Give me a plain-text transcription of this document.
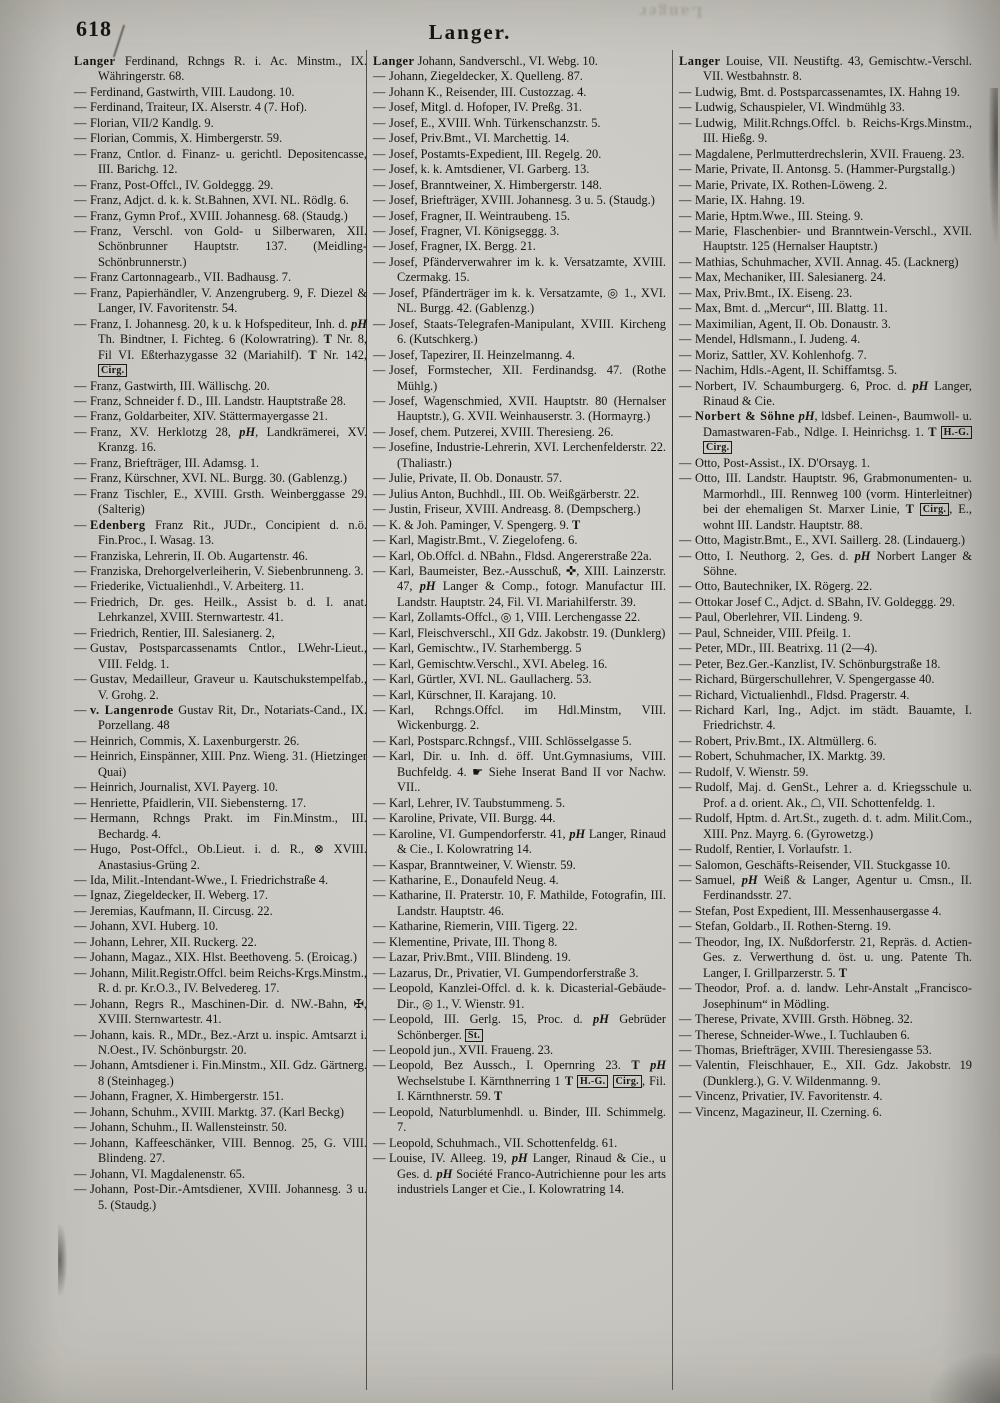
Langer
618	Langer.
Langer Ferdinand, Rchngs R. i. Ac. Minstm., IX. Währingerstr. 68.
— Ferdinand, Gastwirth, VIII. Laudong. 10.
— Ferdinand, Traiteur, IX. Alserstr. 4 (7. Hof).
— Florian, VII/2 Kandlg. 9.
— Florian, Commis, X. Himbergerstr. 59.
— Franz, Cntlor. d. Finanz- u. gerichtl. Depositencasse, III. Barichg. 12.
— Franz, Post-Offcl., IV. Goldeggg. 29.
— Franz, Adjct. d. k. k. St.Bahnen, XVI. NL. Rödlg. 6.
— Franz, Gymn Prof., XVIII. Johannesg. 68. (Staudg.)
— Franz, Verschl. von Gold- u Silberwaren, XII. Schönbrunner Hauptstr. 137. (Meidling-Schönbrunnerstr.)
— Franz Cartonnagearb., VII. Badhausg. 7.
— Franz, Papierhändler, V. Anzengruberg. 9, F. Diezel & Langer, IV. Favoritenstr. 54.
— Franz, I. Johannesg. 20, k u. k Hofspediteur, Inh. d. pH Th. Bindtner, I. Fichteg. 6 (Kolowratring). T Nr. 8, Fil VI. Eßterhazygasse 32 (Mariahilf). T Nr. 142, Cirg.
— Franz, Gastwirth, III. Wällischg. 20.
— Franz, Schneider f. D., III. Landstr. Hauptstraße 28.
— Franz, Goldarbeiter, XIV. Stättermayergasse 21.
— Franz, XV. Herklotzg 28, pH, Landkrämerei, XV. Kranzg. 16.
— Franz, Briefträger, III. Adamsg. 1.
— Franz, Kürschner, XVI. NL. Burgg. 30. (Gablenzg.)
— Franz Tischler, E., XVIII. Grsth. Weinberggasse 29. (Salterig)
— Edenberg Franz Rit., JUDr., Concipient d. n.ö. Fin.Proc., I. Wasag. 13.
— Franziska, Lehrerin, II. Ob. Augartenstr. 46.
— Franziska, Drehorgelverleiherin, V. Siebenbrunneng. 3.
— Friederike, Victualienhdl., V. Arbeiterg. 11.
— Friedrich, Dr. ges. Heilk., Assist b. d. I. anat. Lehrkanzel, XVIII. Sternwartestr. 41.
— Friedrich, Rentier, III. Salesianerg. 2,
— Gustav, Postsparcassenamts Cntlor., LWehr-Lieut., VIII. Feldg. 1.
— Gustav, Medailleur, Graveur u. Kautschukstempelfab., V. Grohg. 2.
— v. Langenrode Gustav Rit, Dr., Notariats-Cand., IX. Porzellang. 48
— Heinrich, Commis, X. Laxenburgerstr. 26.
— Heinrich, Einspänner, XIII. Pnz. Wieng. 31. (Hietzinger Quai)
— Heinrich, Journalist, XVI. Payerg. 10.
— Henriette, Pfaidlerin, VII. Siebensterng. 17.
— Hermann, Rchngs Prakt. im Fin.Minstm., III. Bechardg. 4.
— Hugo, Post-Offcl., Ob.Lieut. i. d. R., ⊗ XVIII. Anastasius-Grüng 2.
— Ida, Milit.-Intendant-Wwe., I. Friedrichstraße 4.
— Ignaz, Ziegeldecker, II. Weberg. 17.
— Jeremias, Kaufmann, II. Circusg. 22.
— Johann, XVI. Huberg. 10.
— Johann, Lehrer, XII. Ruckerg. 22.
— Johann, Magaz., XIX. Hlst. Beethoveng. 5. (Eroicag.)
— Johann, Milit.Registr.Offcl. beim Reichs-Krgs.Minstm., R. d. pr. Kr.O.3., IV. Belvedereg. 17.
— Johann, Regrs R., Maschinen-Dir. d. NW.-Bahn, ✠, XVIII. Sternwartestr. 41.
— Johann, kais. R., MDr., Bez.-Arzt u. inspic. Amtsarzt i. N.Oest., IV. Schönburgstr. 20.
— Johann, Amtsdiener i. Fin.Minstm., XII. Gdz. Gärtnerg. 8 (Steinhageg.)
— Johann, Fragner, X. Himbergerstr. 151.
— Johann, Schuhm., XVIII. Marktg. 37. (Karl Beckg)
— Johann, Schuhm., II. Wallensteinstr. 50.
— Johann, Kaffeeschänker, VIII. Bennog. 25, G. VIII. Blindeng. 27.
— Johann, VI. Magdalenenstr. 65.
— Johann, Post-Dir.-Amtsdiener, XVIII. Johannesg. 3 u. 5. (Staudg.)
Langer Johann, Sandverschl., VI. Webg. 10.
— Johann, Ziegeldecker, X. Quelleng. 87.
— Johann K., Reisender, III. Custozzag. 4.
— Josef, Mitgl. d. Hofoper, IV. Preßg. 31.
— Josef, E., XVIII. Wnh. Türkenschanzstr. 5.
— Josef, Priv.Bmt., VI. Marchettig. 14.
— Josef, Postamts-Expedient, III. Regelg. 20.
— Josef, k. k. Amtsdiener, VI. Garberg. 13.
— Josef, Branntweiner, X. Himbergerstr. 148.
— Josef, Briefträger, XVIII. Johannesg. 3 u. 5. (Staudg.)
— Josef, Fragner, II. Weintraubeng. 15.
— Josef, Fragner, VI. Königseggg. 3.
— Josef, Fragner, IX. Bergg. 21.
— Josef, Pfänderverwahrer im k. k. Versatzamte, XVIII. Czermakg. 15.
— Josef, Pfänderträger im k. k. Versatzamte, ◎ 1., XVI. NL. Burgg. 42. (Gablenzg.)
— Josef, Staats-Telegrafen-Manipulant, XVIII. Kircheng 6. (Kutschkerg.)
— Josef, Tapezirer, II. Heinzelmanng. 4.
— Josef, Formstecher, XII. Ferdinandsg. 47. (Rothe Mühlg.)
— Josef, Wagenschmied, XVII. Hauptstr. 80 (Hernalser Hauptstr.), G. XVII. Weinhauserstr. 3. (Hormayrg.)
— Josef, chem. Putzerei, XVIII. Theresieng. 26.
— Josefine, Industrie-Lehrerin, XVI. Lerchenfelderstr. 22. (Thaliastr.)
— Julie, Private, II. Ob. Donaustr. 57.
— Julius Anton, Buchhdl., III. Ob. Weißgärberstr. 22.
— Justin, Friseur, XVIII. Andreasg. 8. (Dempscherg.)
— K. & Joh. Paminger, V. Spengerg. 9. T
— Karl, Magistr.Bmt., V. Ziegelofeng. 6.
— Karl, Ob.Offcl. d. NBahn., Fldsd. Angererstraße 22a.
— Karl, Baumeister, Bez.-Ausschuß, ✜, XIII. Lainzerstr. 47, pH Langer & Comp., fotogr. Manufactur III. Landstr. Hauptstr. 24, Fil. VI. Mariahilferstr. 39.
— Karl, Zollamts-Offcl., ◎ 1, VIII. Lerchengasse 22.
— Karl, Fleischverschl., XII Gdz. Jakobstr. 19. (Dunklerg)
— Karl, Gemischtw., IV. Starhembergg. 5
— Karl, Gemischtw.Verschl., XVI. Abeleg. 16.
— Karl, Gürtler, XVI. NL. Gaullacherg. 53.
— Karl, Kürschner, II. Karajang. 10.
— Karl, Rchngs.Offcl. im Hdl.Minstm, VIII. Wickenburgg. 2.
— Karl, Postsparc.Rchngsf., VIII. Schlösselgasse 5.
— Karl, Dir. u. Inh. d. öff. Unt.Gymnasiums, VIII. Buchfeldg. 4. ☛ Siehe Inserat Band II vor Nachw. VII..
— Karl, Lehrer, IV. Taubstummeng. 5.
— Karoline, Private, VII. Burgg. 44.
— Karoline, VI. Gumpendorferstr. 41, pH Langer, Rinaud & Cie., I. Kolowratring 14.
— Kaspar, Branntweiner, V. Wienstr. 59.
— Katharine, E., Donaufeld Neug. 4.
— Katharine, II. Praterstr. 10, F. Mathilde, Fotografin, III. Landstr. Hauptstr. 46.
— Katharine, Riemerin, VIII. Tigerg. 22.
— Klementine, Private, III. Thong 8.
— Lazar, Priv.Bmt., VIII. Blindeng. 19.
— Lazarus, Dr., Privatier, VI. Gumpendorferstraße 3.
— Leopold, Kanzlei-Offcl. d. k. k. Dicasterial-Gebäude-Dir., ◎ 1., V. Wienstr. 91.
— Leopold, III. Gerlg. 15, Proc. d. pH Gebrüder Schönberger. St.
— Leopold jun., XVII. Fraueng. 23.
— Leopold, Bez Aussch., I. Opernring 23. T pH Wechselstube I. Kärnthnerring 1 T H.-G. Cirg. , Fil. I. Kärnthnerstr. 59. T
— Leopold, Naturblumenhdl. u. Binder, III. Schimmelg. 7.
— Leopold, Schuhmach., VII. Schottenfeldg. 61.
— Louise, IV. Alleeg. 19, pH Langer, Rinaud & Cie., u Ges. d. pH Société Franco-Autrichienne pour les arts industriels Langer et Cie., I. Kolowratring 14.
Langer Louise, VII. Neustiftg. 43, Gemischtw.-Verschl. VII. Westbahnstr. 8.
— Ludwig, Bmt. d. Postsparcassenamtes, IX. Hahng 19.
— Ludwig, Schauspieler, VI. Windmühlg 33.
— Ludwig, Milit.Rchngs.Offcl. b. Reichs-Krgs.Minstm., III. Hießg. 9.
— Magdalene, Perlmutterdrechslerin, XVII. Fraueng. 23.
— Marie, Private, II. Antonsg. 5. (Hammer-Purgstallg.)
— Marie, Private, IX. Rothen-Löweng. 2.
— Marie, IX. Hahng. 19.
— Marie, Hptm.Wwe., III. Steing. 9.
— Marie, Flaschenbier- und Branntwein-Verschl., XVII. Hauptstr. 125 (Hernalser Hauptstr.)
— Mathias, Schuhmacher, XVII. Annag. 45. (Lacknerg)
— Max, Mechaniker, III. Salesianerg. 24.
— Max, Priv.Bmt., IX. Eiseng. 23.
— Max, Bmt. d. „Mercur“, III. Blattg. 11.
— Maximilian, Agent, II. Ob. Donaustr. 3.
— Mendel, Hdlsmann., I. Judeng. 4.
— Moriz, Sattler, XV. Kohlenhofg. 7.
— Nachim, Hdls.-Agent, II. Schiffamtsg. 5.
— Norbert, IV. Schaumburgerg. 6, Proc. d. pH Langer, Rinaud & Cie.
— Norbert & Söhne pH, ldsbef. Leinen-, Baumwoll- u. Damastwaren-Fab., Ndlge. I. Heinrichsg. 1. T H.-G. Cirg.
— Otto, Post-Assist., IX. D'Orsayg. 1.
— Otto, III. Landstr. Hauptstr. 96, Grabmonumenten- u. Marmorhdl., III. Rennweg 100 (vorm. Hinterleitner) bei der ehemaligen St. Marxer Linie, T Cirg. , E., wohnt III. Landstr. Hauptstr. 88.
— Otto, Magistr.Bmt., E., XVI. Saillerg. 28. (Lindauerg.)
— Otto, I. Neuthorg. 2, Ges. d. pH Norbert Langer & Söhne.
— Otto, Bautechniker, IX. Rögerg. 22.
— Ottokar Josef C., Adjct. d. SBahn, IV. Goldeggg. 29.
— Paul, Oberlehrer, VII. Lindeng. 9.
— Paul, Schneider, VIII. Pfeilg. 1.
— Peter, MDr., III. Beatrixg. 11 (2—4).
— Peter, Bez.Ger.-Kanzlist, IV. Schönburgstraße 18.
— Richard, Bürgerschullehrer, V. Spengergasse 40.
— Richard, Victualienhdl., Fldsd. Pragerstr. 4.
— Richard Karl, Ing., Adjct. im städt. Bauamte, I. Friedrichstr. 4.
— Robert, Priv.Bmt., IX. Altmüllerg. 6.
— Robert, Schuhmacher, IX. Marktg. 39.
— Rudolf, V. Wienstr. 59.
— Rudolf, Maj. d. GenSt., Lehrer a. d. Kriegsschule u. Prof. a d. orient. Ak., ☖, VII. Schottenfeldg. 1.
— Rudolf, Hptm. d. Art.St., zugeth. d. t. adm. Milit.Com., XIII. Pnz. Mayrg. 6. (Gyrowetzg.)
— Rudolf, Rentier, I. Vorlaufstr. 1.
— Salomon, Geschäfts-Reisender, VII. Stuckgasse 10.
— Samuel, pH Weiß & Langer, Agentur u. Cmsn., II. Ferdinandsstr. 27.
— Stefan, Post Expedient, III. Messenhausergasse 4.
— Stefan, Goldarb., II. Rothen-Sterng. 19.
— Theodor, Ing, IX. Nußdorferstr. 21, Repräs. d. Actien-Ges. z. Verwerthung d. öst. u. ung. Patente Th. Langer, I. Grillparzerstr. 5. T
— Theodor, Prof. a. d. landw. Lehr-Anstalt „Francisco-Josephinum“ in Mödling.
— Therese, Private, XVIII. Grsth. Höbneg. 32.
— Therese, Schneider-Wwe., I. Tuchlauben 6.
— Thomas, Briefträger, XVIII. Theresiengasse 53.
— Valentin, Fleischhauer, E., XII. Gdz. Jakobstr. 19 (Dunklerg.), G. V. Wildenmanng. 9.
— Vincenz, Privatier, IV. Favoritenstr. 4.
— Vincenz, Magazineur, II. Czerning. 6.
